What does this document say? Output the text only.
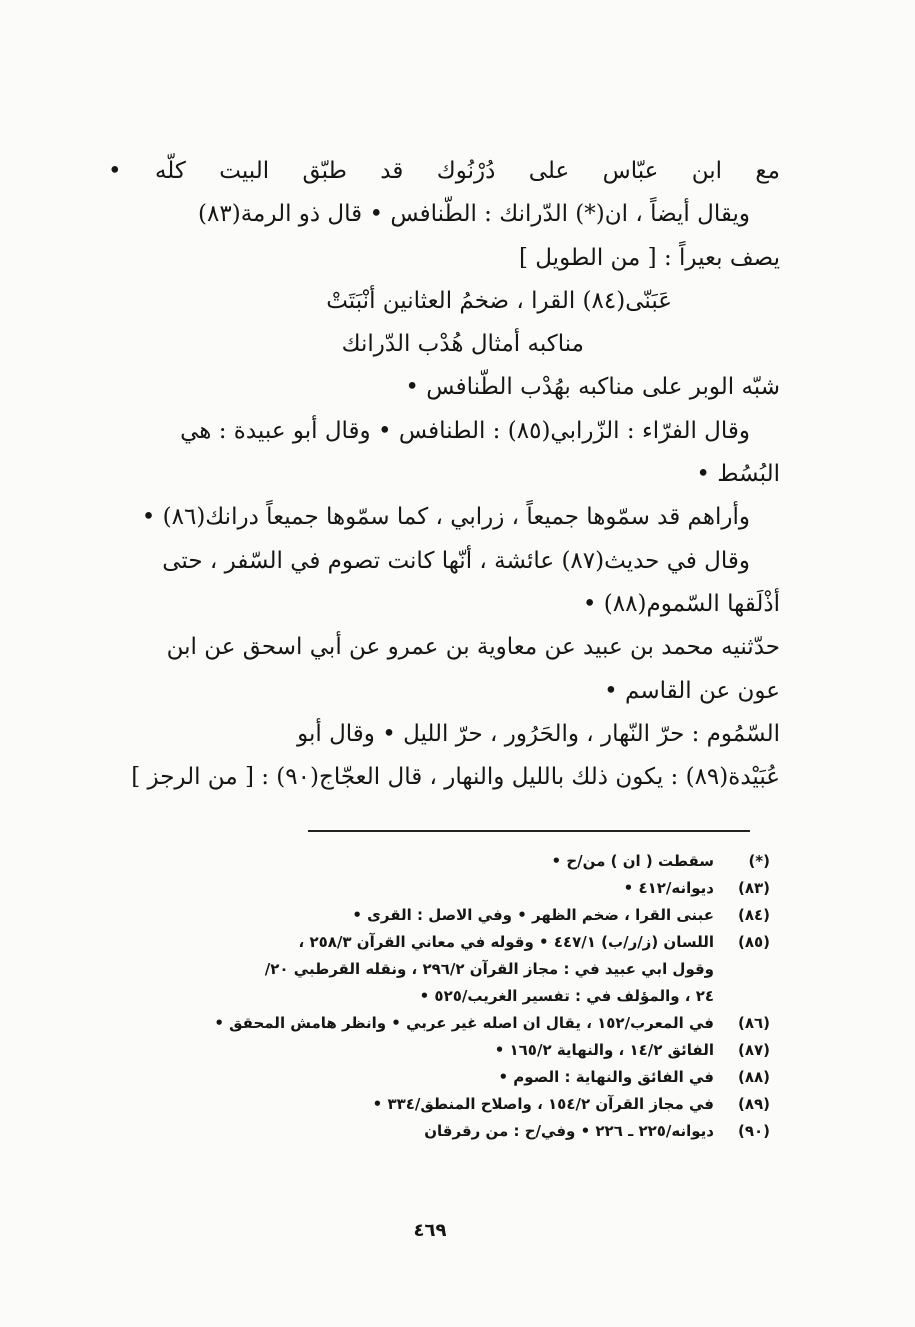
مع ابن عبّاس على دُرْنُوك قد طبّق البيت كلّه •
ويقال أيضاً ، ان(*) الدّرانك : الطّنافس • قال ذو الرمة(٨٣)
يصف بعيراً : [ من الطويل ]
عَبَنّى(٨٤) القرا ، ضخمُ العثانين أنْبَتَتْ
مناكبه أمثال هُدْب الدّرانك
شبّه الوبر على مناكبه بهُدْب الطّنافس •
وقال الفرّاء : الزّرابي(٨٥) : الطنافس • وقال أبو عبيدة : هي
البُسُط •
وأراهم قد سمّوها جميعاً ، زرابي ، كما سمّوها جميعاً درانك(٨٦) •
وقال في حديث(٨٧) عائشة ، أنّها كانت تصوم في السّفر ، حتى
أذْلَقها السّموم(٨٨) •
حدّثنيه محمد بن عبيد عن معاوية بن عمرو عن أبي اسحق عن ابن
عون عن القاسم •
السّمُوم : حرّ النّهار ، والحَرُور ، حرّ الليل • وقال أبو
عُبَيْدة(٨٩) : يكون ذلك بالليل والنهار ، قال العجّاج(٩٠) : [ من الرجز ]
(*)
سقطت ( ان ) من/ح •
(٨٣)
ديوانه/٤١٢ •
(٨٤)
عبنى القرا ، ضخم الظهر • وفي الاصل : القرى •
(٨٥)
اللسان (ز/ر/ب) ٤٤٧/١ • وقوله في معاني القرآن ٢٥٨/٣ ،
وقول ابي عبيد في : مجاز القرآن ٢٩٦/٢ ، ونقله القرطبي ٢٠/
٢٤ ، والمؤلف في : تفسير الغريب/٥٢٥ •
(٨٦)
في المعرب/١٥٢ ، يقال ان اصله غير عربي • وانظر هامش المحقق •
(٨٧)
الفائق ١٤/٢ ، والنهاية ١٦٥/٢ •
(٨٨)
في الفائق والنهاية : الصوم •
(٨٩)
في مجاز القرآن ١٥٤/٢ ، واصلاح المنطق/٣٣٤ •
(٩٠)
ديوانه/٢٢٥ ـ ٢٢٦ • وفي/ح : من رقرقان
٤٦٩
